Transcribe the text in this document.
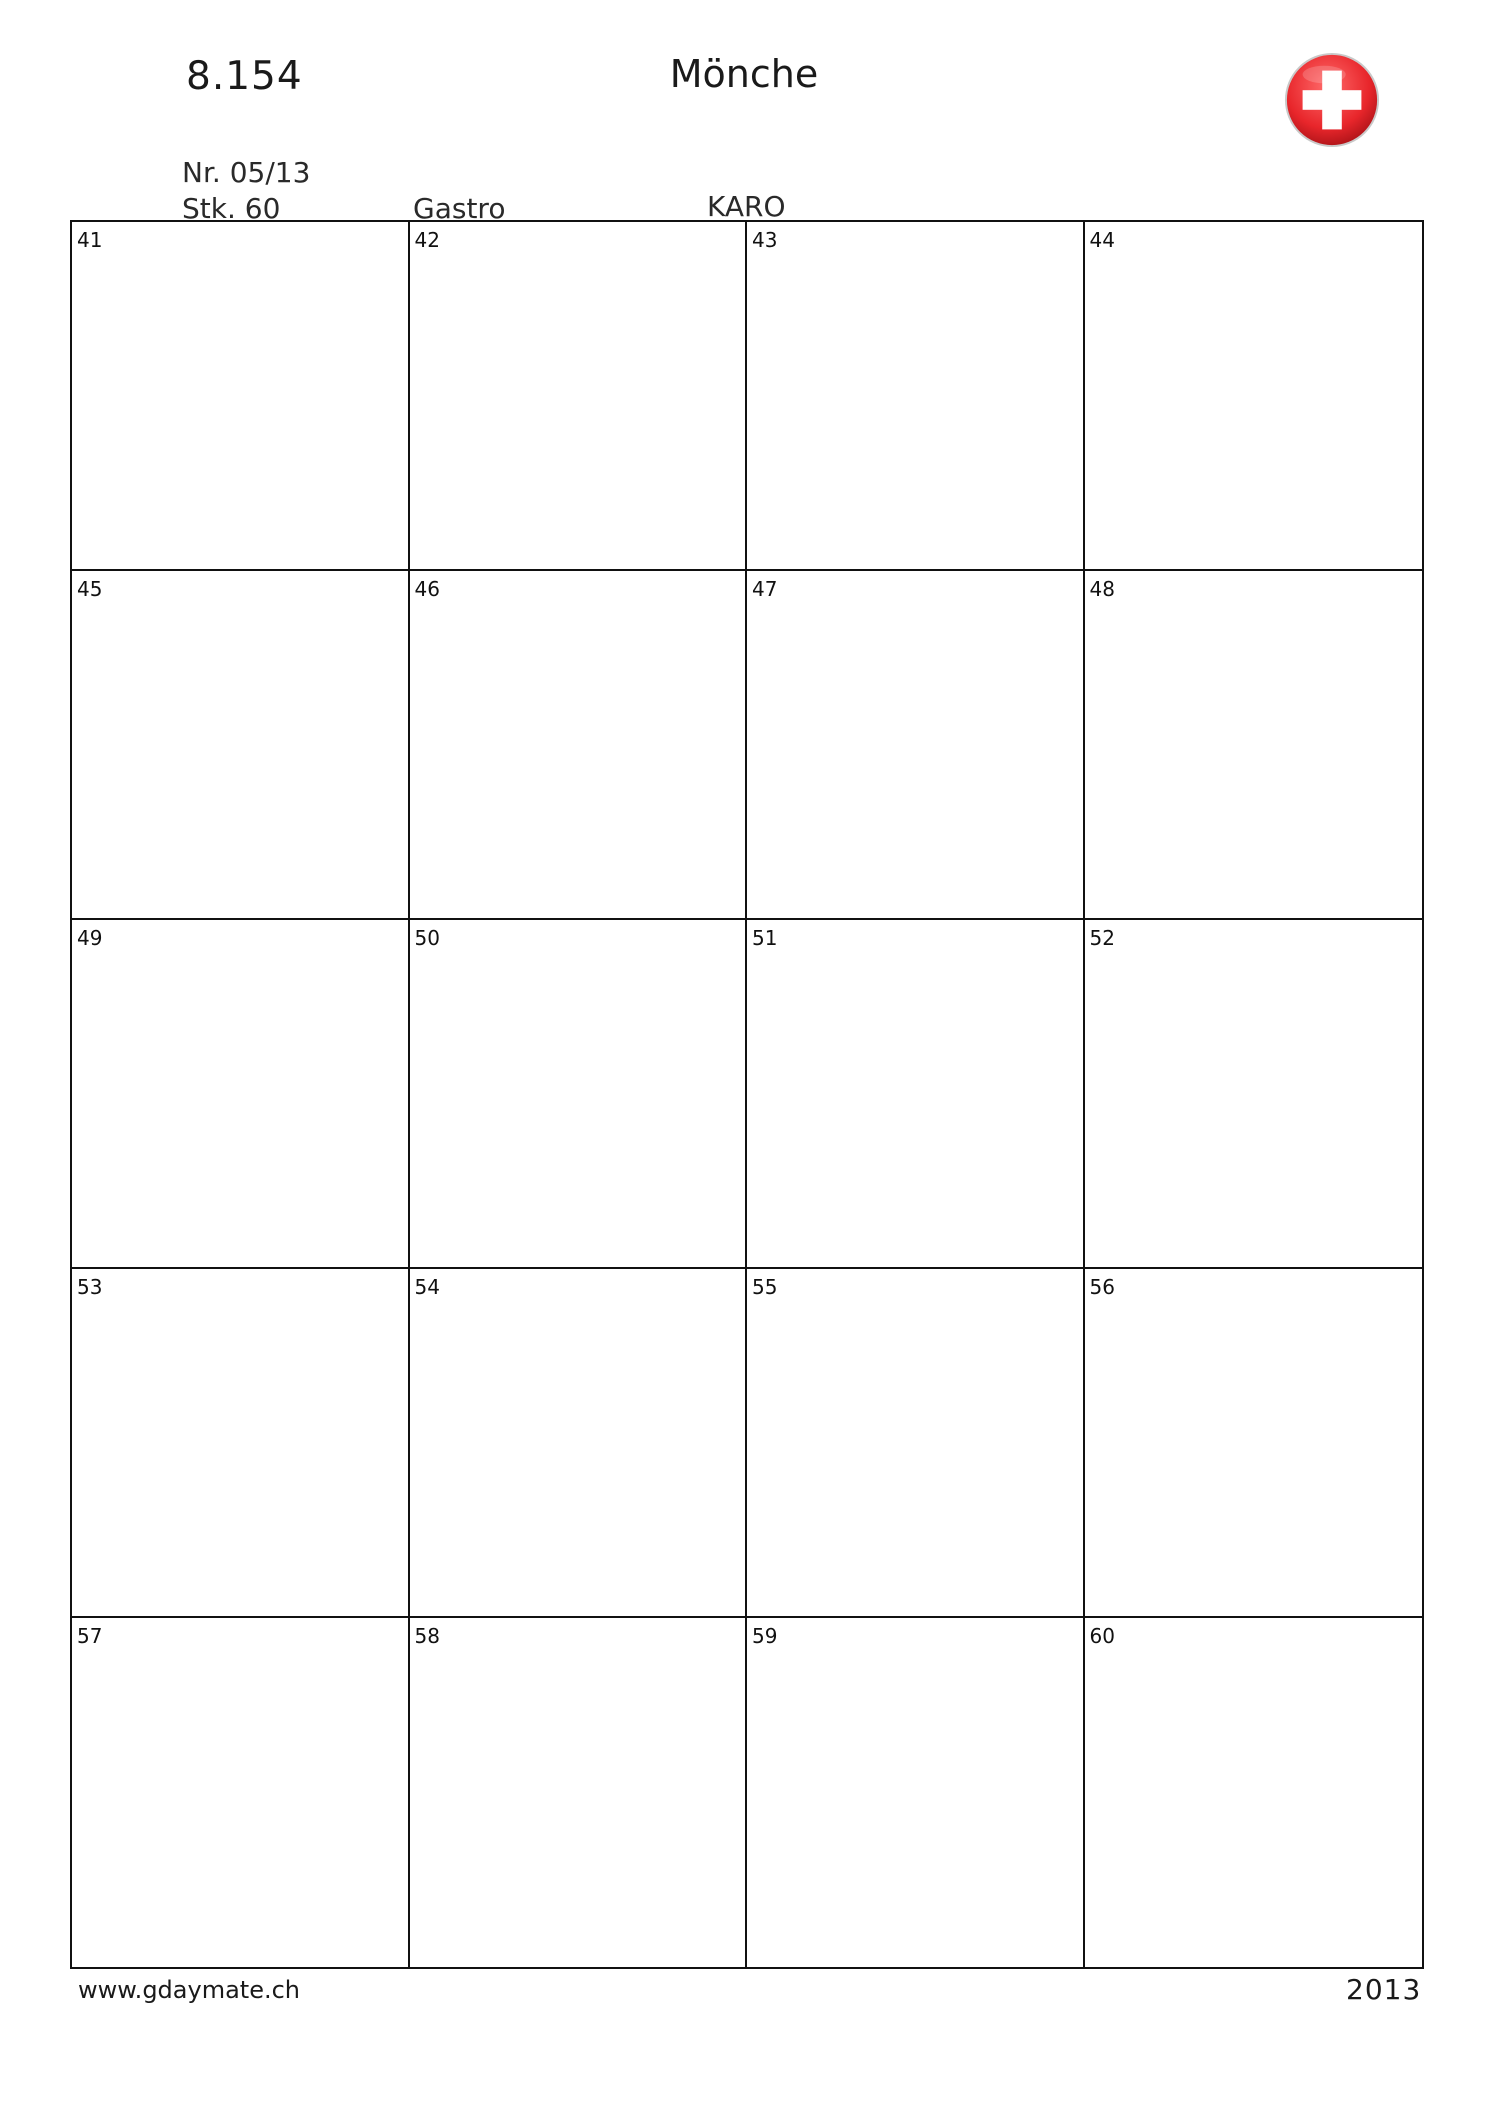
8.154	Mönche
Nr. 05/13
Stk. 60	Gastro	KARO
41	42	43	44
45	46	47	48
49	50	51	52
53	54	55	56
57	58	59	60
www.gdaymate.ch	2013
